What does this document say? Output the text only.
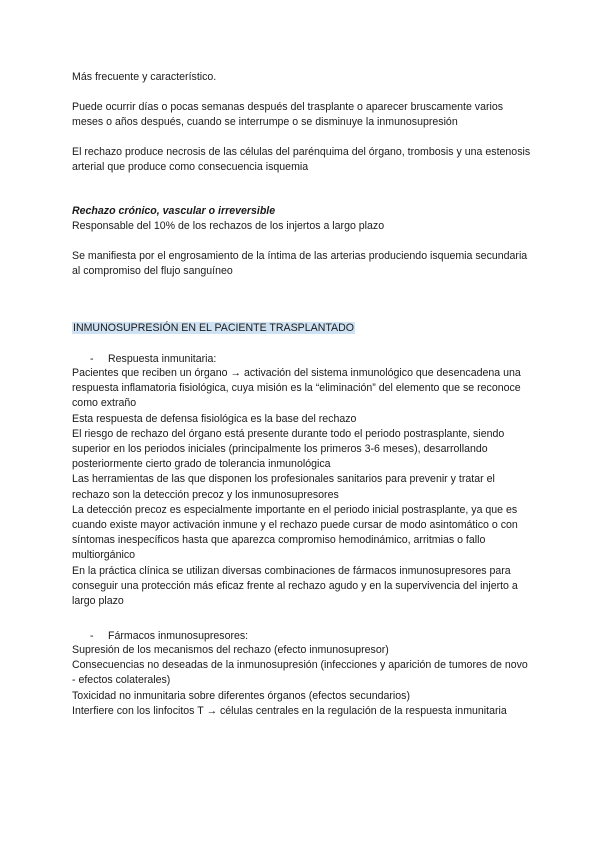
Más frecuente y característico.

Puede ocurrir días o pocas semanas después del trasplante o aparecer bruscamente varios meses o años después, cuando se interrumpe o se disminuye la inmunosupresión

El rechazo produce necrosis de las células del parénquima del órgano, trombosis y una estenosis arterial que produce como consecuencia isquemia

Rechazo crónico, vascular o irreversible

Responsable del 10% de los rechazos de los injertos a largo plazo

Se manifiesta por el engrosamiento de la íntima de las arterias produciendo isquemia secundaria al compromiso del flujo sanguíneo

INMUNOSUPRESIÓN EN EL PACIENTE TRASPLANTADO

- Respuesta inmunitaria:
Pacientes que reciben un órgano → activación del sistema inmunológico que desencadena una respuesta inflamatoria fisiológica, cuya misión es la “eliminación” del elemento que se reconoce como extraño
Esta respuesta de defensa fisiológica es la base del rechazo
El riesgo de rechazo del órgano está presente durante todo el periodo postrasplante, siendo superior en los periodos iniciales (principalmente los primeros 3-6 meses), desarrollando posteriormente cierto grado de tolerancia inmunológica
Las herramientas de las que disponen los profesionales sanitarios para prevenir y tratar el rechazo son la detección precoz y los inmunosupresores
La detección precoz es especialmente importante en el periodo inicial postrasplante, ya que es cuando existe mayor activación inmune y el rechazo puede cursar de modo asintomático o con síntomas inespecíficos hasta que aparezca compromiso hemodinámico, arritmias o fallo multiorgánico
En la práctica clínica se utilizan diversas combinaciones de fármacos inmunosupresores para conseguir una protección más eficaz frente al rechazo agudo y en la supervivencia del injerto a largo plazo
- Fármacos inmunosupresores:
Supresión de los mecanismos del rechazo (efecto inmunosupresor)
Consecuencias no deseadas de la inmunosupresión (infecciones y aparición de tumores de novo - efectos colaterales)
Toxicidad no inmunitaria sobre diferentes órganos (efectos secundarios)
Interfiere con los linfocitos T → células centrales en la regulación de la respuesta inmunitaria
